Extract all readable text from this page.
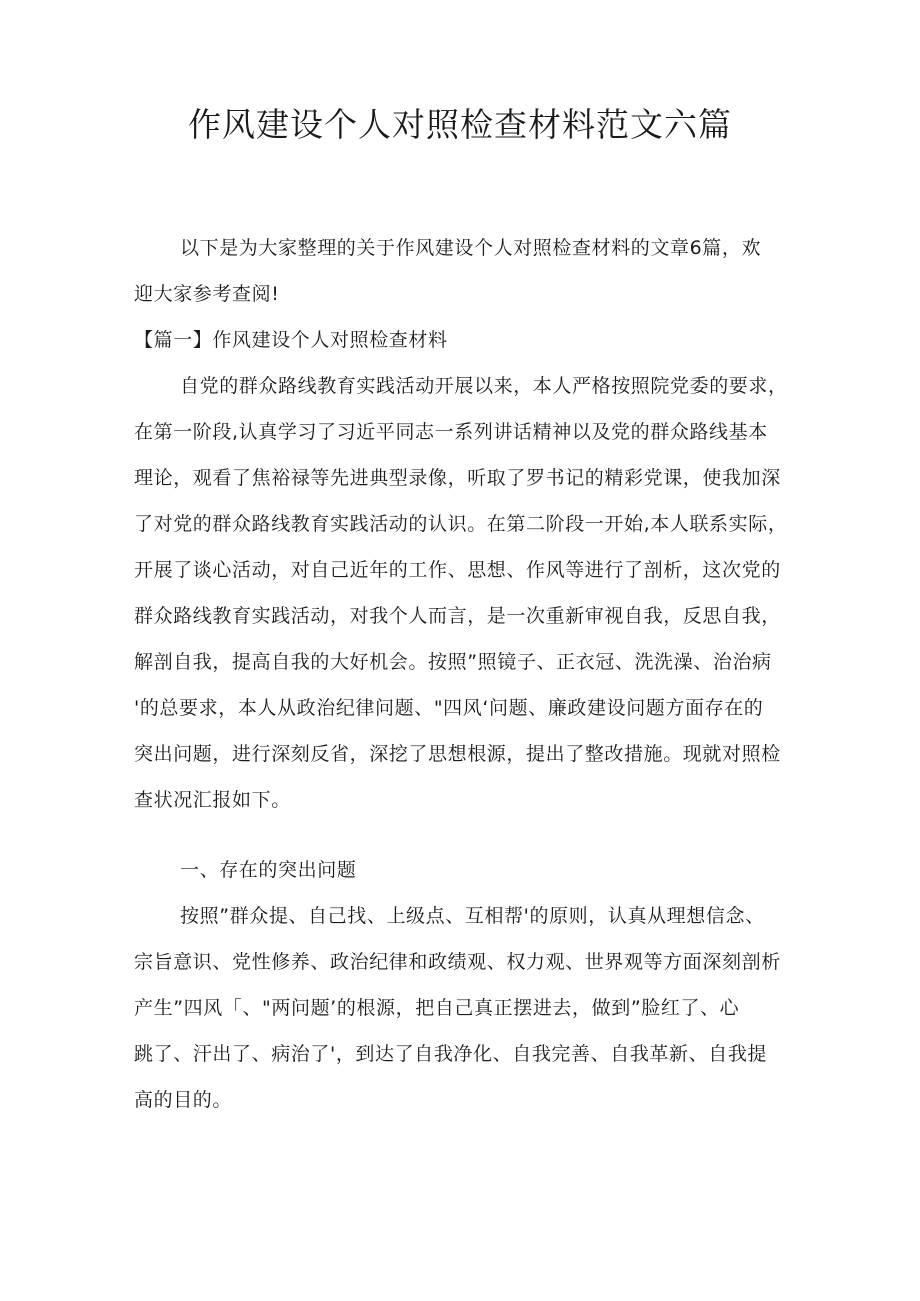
作风建设个人对照检查材料范文六篇
以下是为大家整理的关于作风建设个人对照检查材料的文章6篇，欢
迎大家参考查阅!
【篇一】作风建设个人对照检查材料
自党的群众路线教育实践活动开展以来，本人严格按照院党委的要求，
在第一阶段,认真学习了习近平同志一系列讲话精神以及党的群众路线基本
理论，观看了焦裕禄等先进典型录像，听取了罗书记的精彩党课，使我加深
了对党的群众路线教育实践活动的认识。在第二阶段一开始,本人联系实际，
开展了谈心活动，对自己近年的工作、思想、作风等进行了剖析，这次党的
群众路线教育实践活动，对我个人而言，是一次重新审视自我，反思自我，
解剖自我，提高自我的大好机会。按照”照镜子、正衣冠、洗洗澡、治治病
'的总要求，本人从政治纪律问题、"四风‘问题、廉政建设问题方面存在的
突出问题，进行深刻反省，深挖了思想根源，提出了整改措施。现就对照检
查状况汇报如下。
一、存在的突出问题
按照”群众提、自己找、上级点、互相帮'的原则，认真从理想信念、
宗旨意识、党性修养、政治纪律和政绩观、权力观、世界观等方面深刻剖析
产生”四风「、"两问题’的根源，把自己真正摆进去，做到”脸红了、心
跳了、汗出了、病治了'，到达了自我净化、自我完善、自我革新、自我提
高的目的。
